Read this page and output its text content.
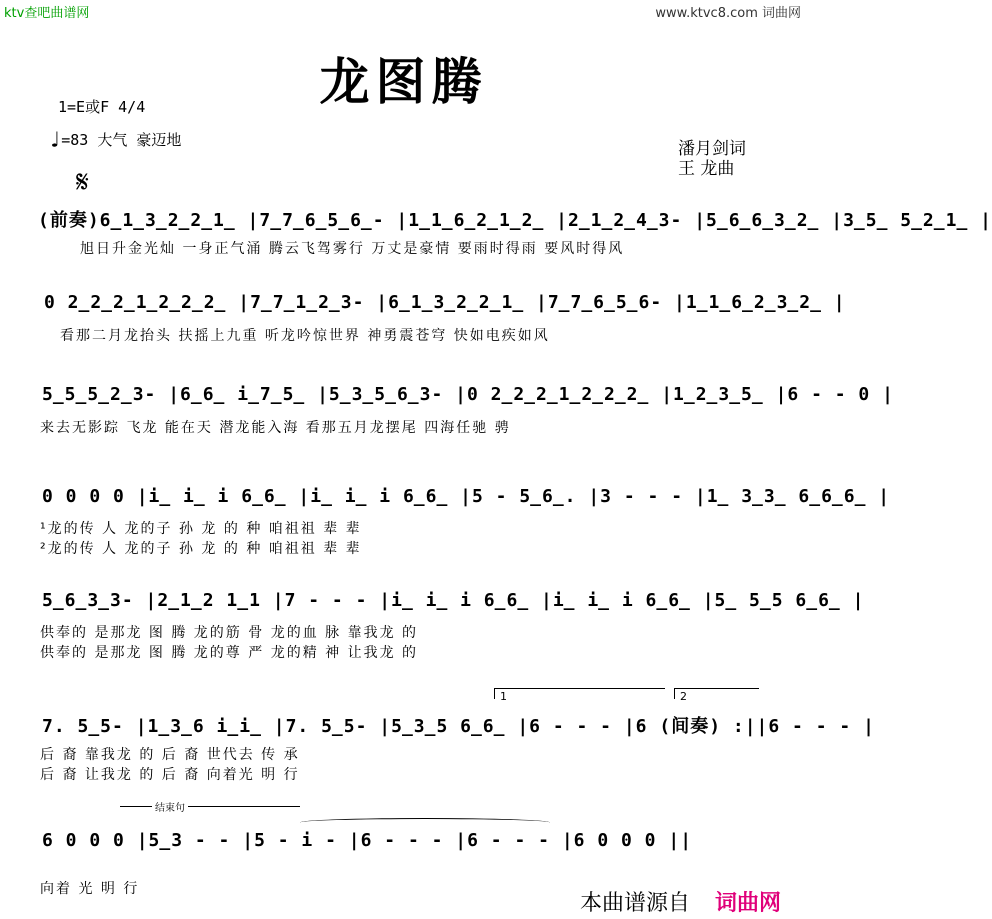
ktv查吧曲谱网	www.ktvc8.com 词曲网
龙图腾
1=E或F 4/4
♩=83 大气 豪迈地	潘月剑词
王 龙曲
𝄋
(前奏)6̲1̲3̲2̲2̲1̲ |7̲7̲6̲5̲6̲- |1̲1̲6̲2̲1̲2̲ |2̲1̲2̲4̲3- |5̲6̲6̲3̲2̲ |3̲5̲ 5̲2̲1̲ |
旭日升金光灿 一身正气涌 腾云飞驾雾行 万丈是豪情 要雨时得雨 要风时得风
0 2̲2̲2̲1̲2̲2̲2̲ |7̲7̲1̲2̲3- |6̲1̲3̲2̲2̲1̲ |7̲7̲6̲5̲6- |1̲1̲6̲2̲3̲2̲ |
看那二月龙抬头 扶摇上九重 听龙吟惊世界 神勇震苍穹 快如电疾如风
5̲5̲5̲2̲3- |6̲6̲ i̲7̲5̲ |5̲3̲5̲6̲3- |0 2̲2̲2̲1̲2̲2̲2̲ |1̲2̲3̲5̲ |6 - - 0 |
来去无影踪 飞龙 能在天 潜龙能入海 看那五月龙摆尾 四海任驰 骋
0 0 0 0 |i̲ i̲ i 6̲6̲ |i̲ i̲ i 6̲6̲ |5 - 5̲6̲. |3 - - - |1̲ 3̲3̲ 6̲6̲6̲ |
¹龙的传 人 龙的子 孙 龙 的 种 咱祖祖 辈 辈
²龙的传 人 龙的子 孙 龙 的 种 咱祖祖 辈 辈
5̲6̲3̲3- |2̲1̲2 1̲1 |7 - - - |i̲ i̲ i 6̲6̲ |i̲ i̲ i 6̲6̲ |5̲ 5̲5 6̲6̲ |
供奉的 是那龙 图 腾 龙的筋 骨 龙的血 脉 靠我龙 的
供奉的 是那龙 图 腾 龙的尊 严 龙的精 神 让我龙 的
1	2
7. 5̲5- |1̲3̲6 i̲i̲ |7. 5̲5- |5̲3̲5 6̲6̲ |6 - - - |6 (间奏) :||6 - - - |
后 裔 靠我龙 的 后 裔 世代去 传 承
后 裔 让我龙 的 后 裔 向着光 明 行
结束句
6 0 0 0 |5̲3 - - |5 - i - |6 - - - |6 - - - |6 0 0 0 ||
向着 光 明 行
本曲谱源自 词曲网
